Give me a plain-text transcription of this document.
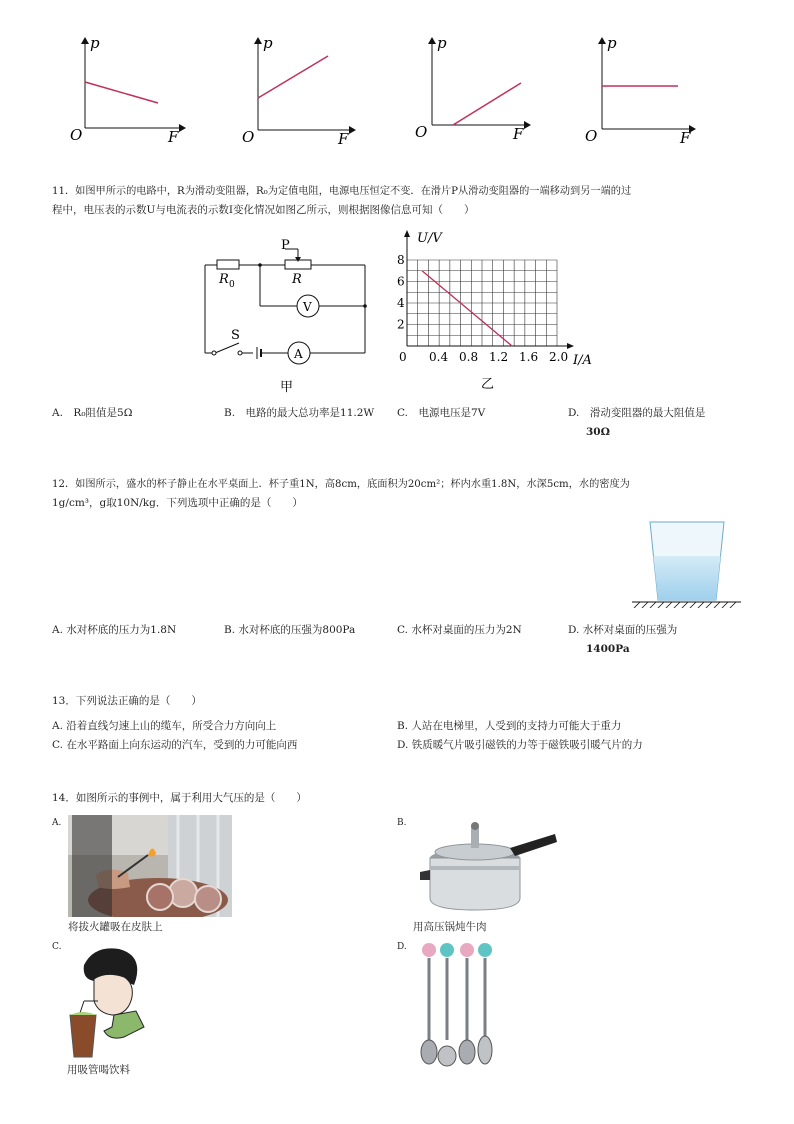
p
O	F
p
O	F
p
O	F
p
O	F
11．如图甲所示的电路中，R为滑动变阻器，R₀为定值电阻，电源电压恒定不变．在滑片P从滑动变阻器的一端移动到另一端的过
程中，电压表的示数U与电流表的示数I变化情况如图乙所示，则根据图像信息可知（　　）
R 0	R
P
S
V
A
甲
0 0.4 0.8 1.2 1.6 2.0
2
4
6
8
U/V
I/A
乙
A.　R₀阻值是5Ω	B.　电路的最大总功率是11.2W C.　电源电压是7V	D.　滑动变阻器的最大阻值是
30Ω
12．如图所示，盛水的杯子静止在水平桌面上．杯子重1N，高8cm，底面积为20cm²；杯内水重1.8N，水深5cm，水的密度为
1g/cm³，g取10N/kg．下列选项中正确的是（　　）
A. 水对杯底的压力为1.8N	B. 水对杯底的压强为800Pa	C. 水杯对桌面的压力为2N	D. 水杯对桌面的压强为
1400Pa
13．下列说法正确的是（　　）
A. 沿着直线匀速上山的缆车，所受合力方向向上	B. 人站在电梯里，人受到的支持力可能大于重力
C. 在水平路面上向东运动的汽车，受到的力可能向西	D. 铁质暖气片吸引磁铁的力等于磁铁吸引暖气片的力
14．如图所示的事例中，属于利用大气压的是（　　）
A.
将拔火罐吸在皮肤上
B.
用高压锅炖牛肉
C.
用吸管喝饮料
D.
